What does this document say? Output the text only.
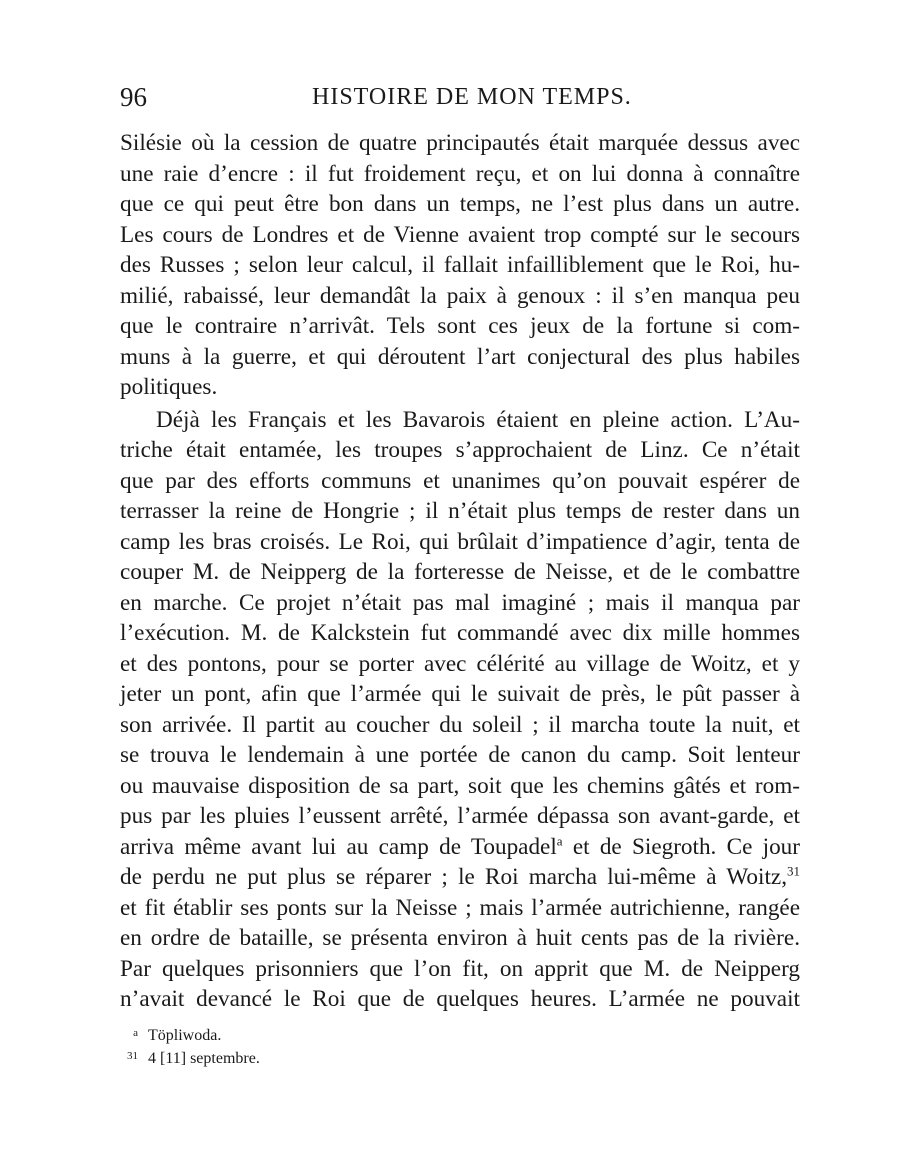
96	HISTOIRE DE MON TEMPS.
Silésie où la cession de quatre principautés était marquée dessus avec
une raie d’encre : il fut froidement reçu, et on lui donna à connaître
que ce qui peut être bon dans un temps, ne l’est plus dans un autre.
Les cours de Londres et de Vienne avaient trop compté sur le secours
des Russes ; selon leur calcul, il fallait infailliblement que le Roi, hu-
milié, rabaissé, leur demandât la paix à genoux : il s’en manqua peu
que le contraire n’arrivât. Tels sont ces jeux de la fortune si com-
muns à la guerre, et qui déroutent l’art conjectural des plus habiles
politiques.
Déjà les Français et les Bavarois étaient en pleine action. L’Au-
triche était entamée, les troupes s’approchaient de Linz. Ce n’était
que par des efforts communs et unanimes qu’on pouvait espérer de
terrasser la reine de Hongrie ; il n’était plus temps de rester dans un
camp les bras croisés. Le Roi, qui brûlait d’impatience d’agir, tenta de
couper M. de Neipperg de la forteresse de Neisse, et de le combattre
en marche. Ce projet n’était pas mal imaginé ; mais il manqua par
l’exécution. M. de Kalckstein fut commandé avec dix mille hommes
et des pontons, pour se porter avec célérité au village de Woitz, et y
jeter un pont, afin que l’armée qui le suivait de près, le pût passer à
son arrivée. Il partit au coucher du soleil ; il marcha toute la nuit, et
se trouva le lendemain à une portée de canon du camp. Soit lenteur
ou mauvaise disposition de sa part, soit que les chemins gâtés et rom-
pus par les pluies l’eussent arrêté, l’armée dépassa son avant-garde, et
arriva même avant lui au camp de Toupadel$^a$ et de Siegroth. Ce jour
de perdu ne put plus se réparer ; le Roi marcha lui-même à Woitz,$^{31}$
et fit établir ses ponts sur la Neisse ; mais l’armée autrichienne, rangée
en ordre de bataille, se présenta environ à huit cents pas de la rivière.
Par quelques prisonniers que l’on fit, on apprit que M. de Neipperg
n’avait devancé le Roi que de quelques heures. L’armée ne pouvait
a Töpliwoda.
31 4 [11] septembre.
